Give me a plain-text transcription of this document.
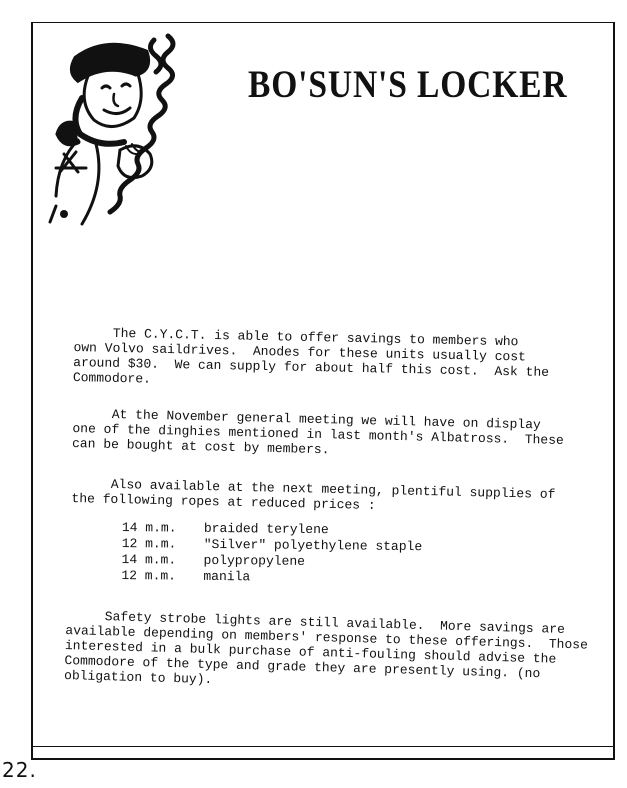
BO'SUN'S LOCKER
The C.Y.C.T. is able to offer savings to members who
own Volvo saildrives.  Anodes for these units usually cost
around $30.  We can supply for about half this cost.  Ask the
Commodore.
At the November general meeting we will have on display
one of the dinghies mentioned in last month's Albatross.  These
can be bought at cost by members.
Also available at the next meeting, plentiful supplies of
the following ropes at reduced prices :
14 m.m.	braided terylene
12 m.m.	"Silver" polyethylene staple
14 m.m.	polypropylene
12 m.m.	manila
Safety strobe lights are still available.  More savings are
available depending on members' response to these offerings.  Those
interested in a bulk purchase of anti-fouling should advise the
Commodore of the type and grade they are presently using. (no
obligation to buy).
22.
